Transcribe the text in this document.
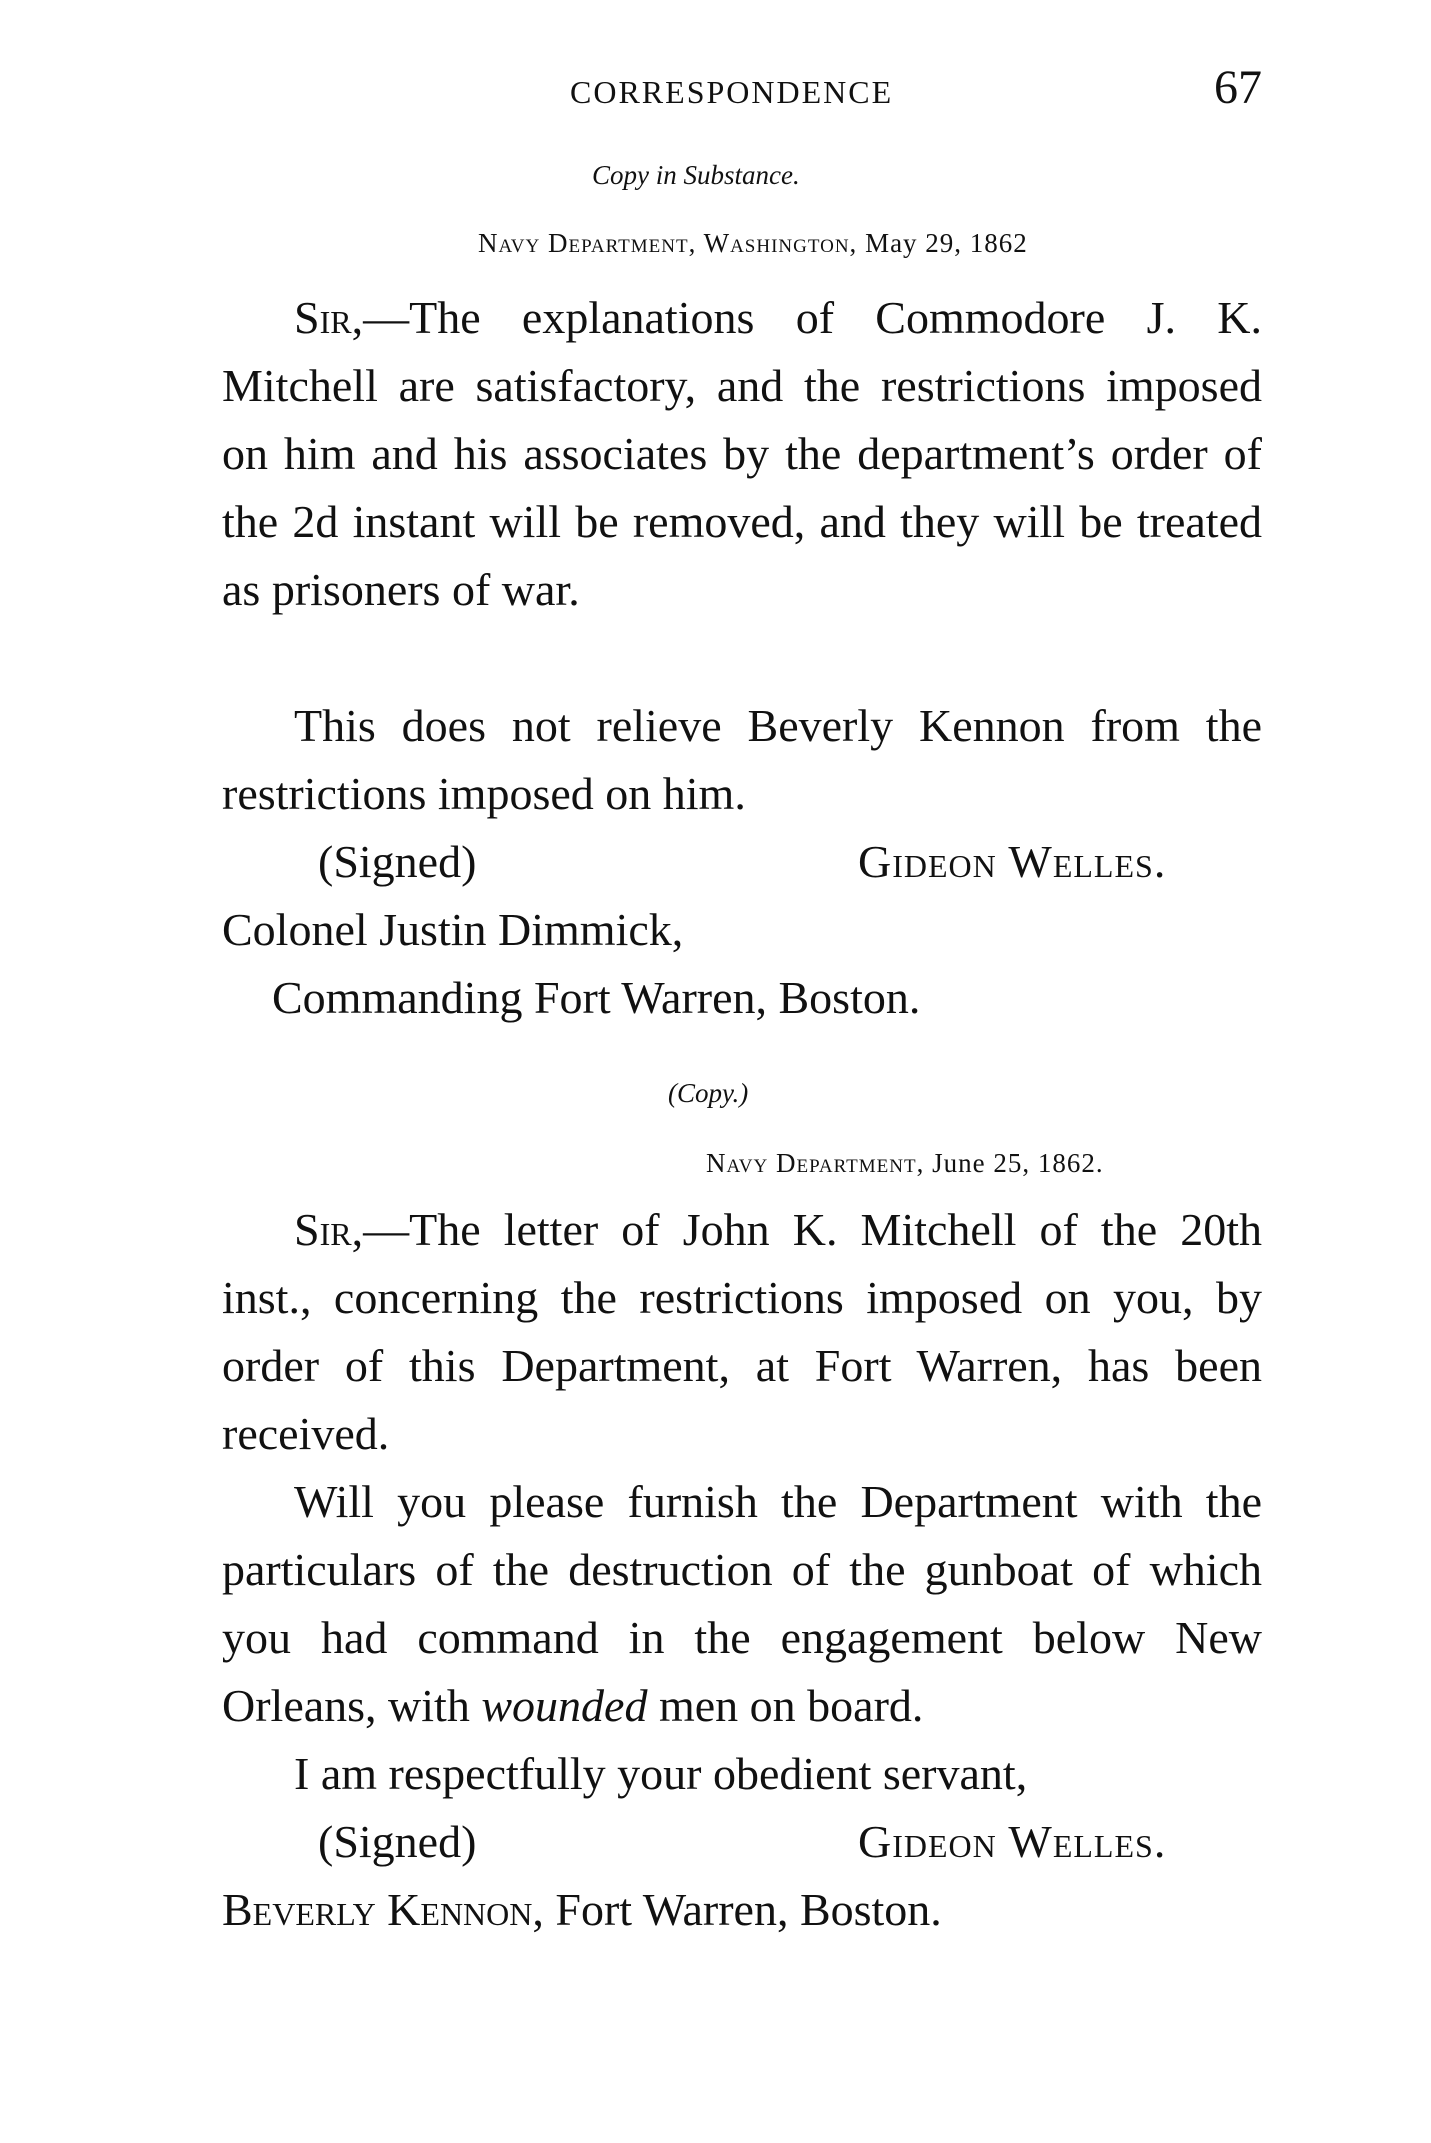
CORRESPONDENCE	67
Copy in Substance.
Navy Department, Washington, May 29, 1862
Sir,—The explanations of Commodore J. K. Mitchell are satisfactory, and the restrictions imposed on him and his associates by the department’s order of the 2d instant will be removed, and they will be treated as prisoners of war.
This does not relieve Beverly Kennon from the restrictions imposed on him.
(Signed)	Gideon Welles.
Colonel Justin Dimmick,
Commanding Fort Warren, Boston.
(Copy.)
Navy Department, June 25, 1862.
Sir,—The letter of John K. Mitchell of the 20th inst., concerning the restrictions imposed on you, by order of this Department, at Fort Warren, has been received.
Will you please furnish the Department with the particulars of the destruction of the gunboat of which you had command in the engagement below New Orleans, with wounded men on board.
I am respectfully your obedient servant,
(Signed)	Gideon Welles.
Beverly Kennon, Fort Warren, Boston.
